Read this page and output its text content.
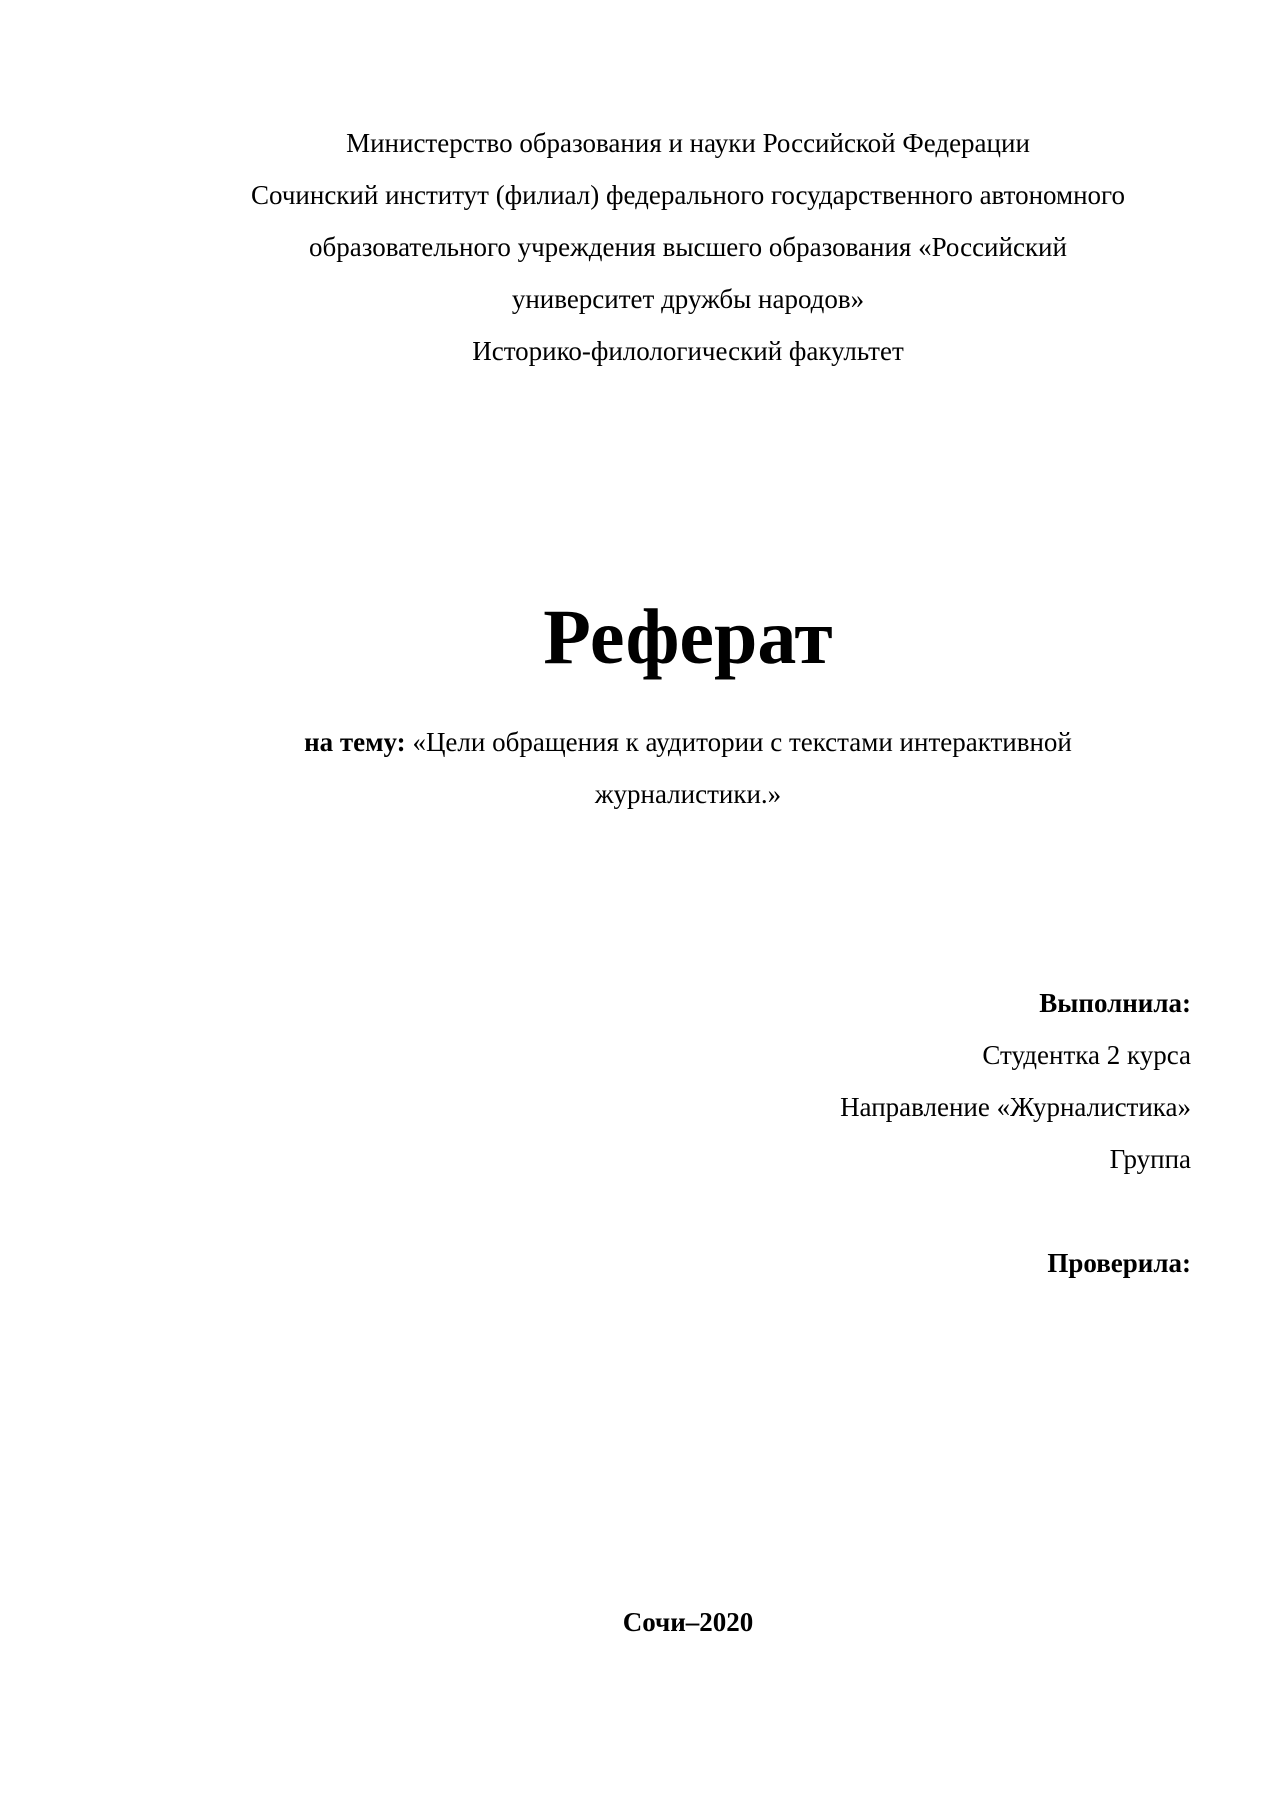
Министерство образования и науки Российской Федерации
Сочинский институт (филиал) федерального государственного автономного
образовательного учреждения высшего образования «Российский
университет дружбы народов»
Историко-филологический факультет
Реферат
на тему: «Цели обращения к аудитории с текстами интерактивной журналистики.»
Выполнила:
Студентка 2 курса
Направление «Журналистика»
Группа
Проверила:
Сочи–2020
